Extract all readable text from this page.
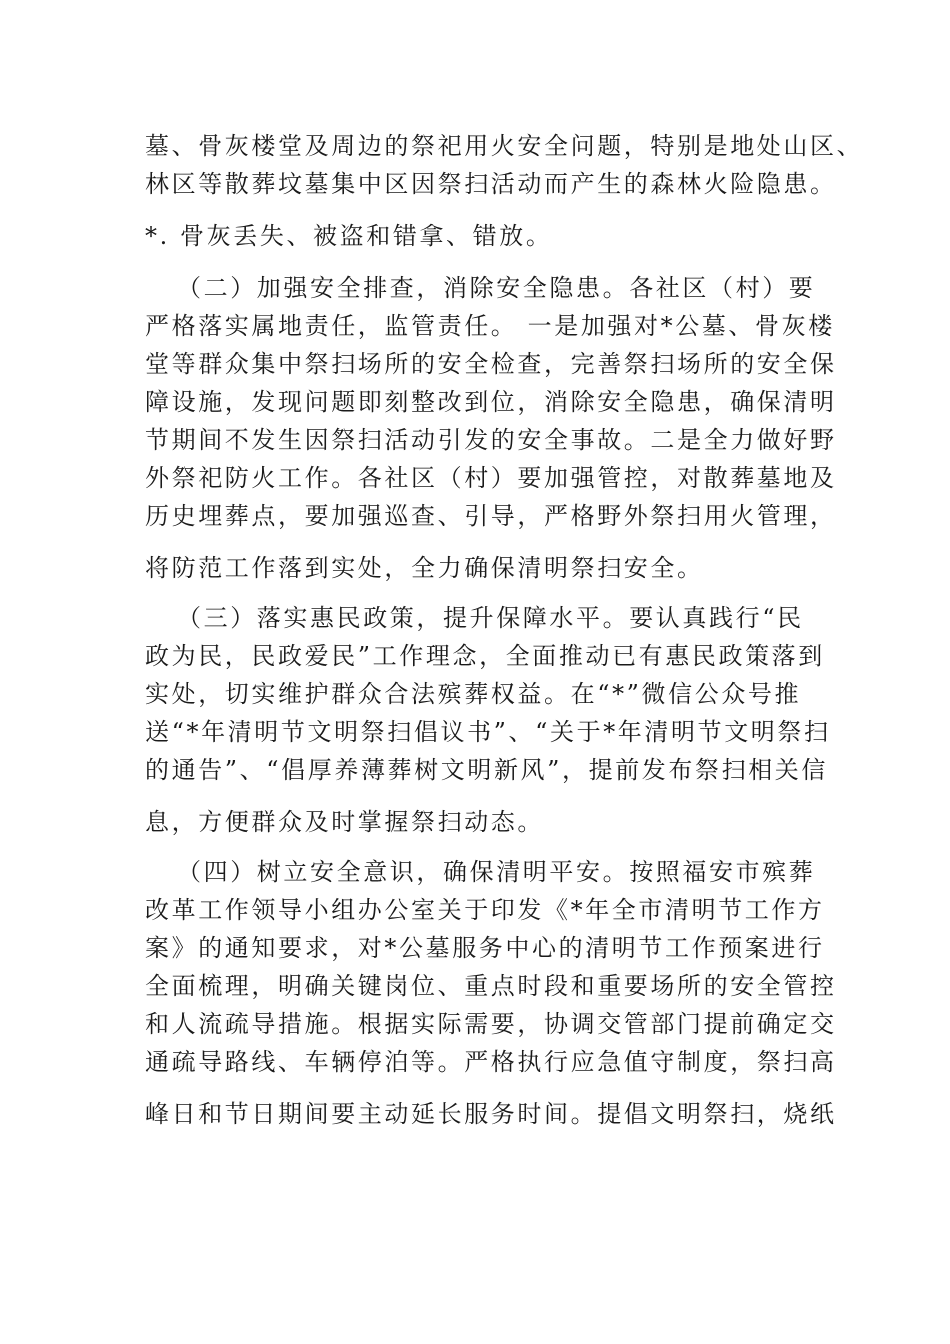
墓、骨灰楼堂及周边的祭祀用火安全问题，特别是地处山区、
林区等散葬坟墓集中区因祭扫活动而产生的森林火险隐患。
*. 骨灰丢失、被盗和错拿、错放。
（二）加强安全排查，消除安全隐患。各社区（村）要
严格落实属地责任，监管责任。 一是加强对*公墓、骨灰楼
堂等群众集中祭扫场所的安全检查，完善祭扫场所的安全保
障设施，发现问题即刻整改到位，消除安全隐患，确保清明
节期间不发生因祭扫活动引发的安全事故。二是全力做好野
外祭祀防火工作。各社区（村）要加强管控，对散葬墓地及
历史埋葬点，要加强巡查、引导，严格野外祭扫用火管理，
将防范工作落到实处，全力确保清明祭扫安全。
（三）落实惠民政策，提升保障水平。要认真践行“民
政为民，民政爱民”工作理念，全面推动已有惠民政策落到
实处，切实维护群众合法殡葬权益。在“*”微信公众号推
送“*年清明节文明祭扫倡议书”、“关于*年清明节文明祭扫
的通告”、“倡厚养薄葬树文明新风”，提前发布祭扫相关信
息，方便群众及时掌握祭扫动态。
（四）树立安全意识，确保清明平安。按照福安市殡葬
改革工作领导小组办公室关于印发《*年全市清明节工作方
案》的通知要求，对*公墓服务中心的清明节工作预案进行
全面梳理，明确关键岗位、重点时段和重要场所的安全管控
和人流疏导措施。根据实际需要，协调交管部门提前确定交
通疏导路线、车辆停泊等。严格执行应急值守制度，祭扫高
峰日和节日期间要主动延长服务时间。提倡文明祭扫，烧纸
